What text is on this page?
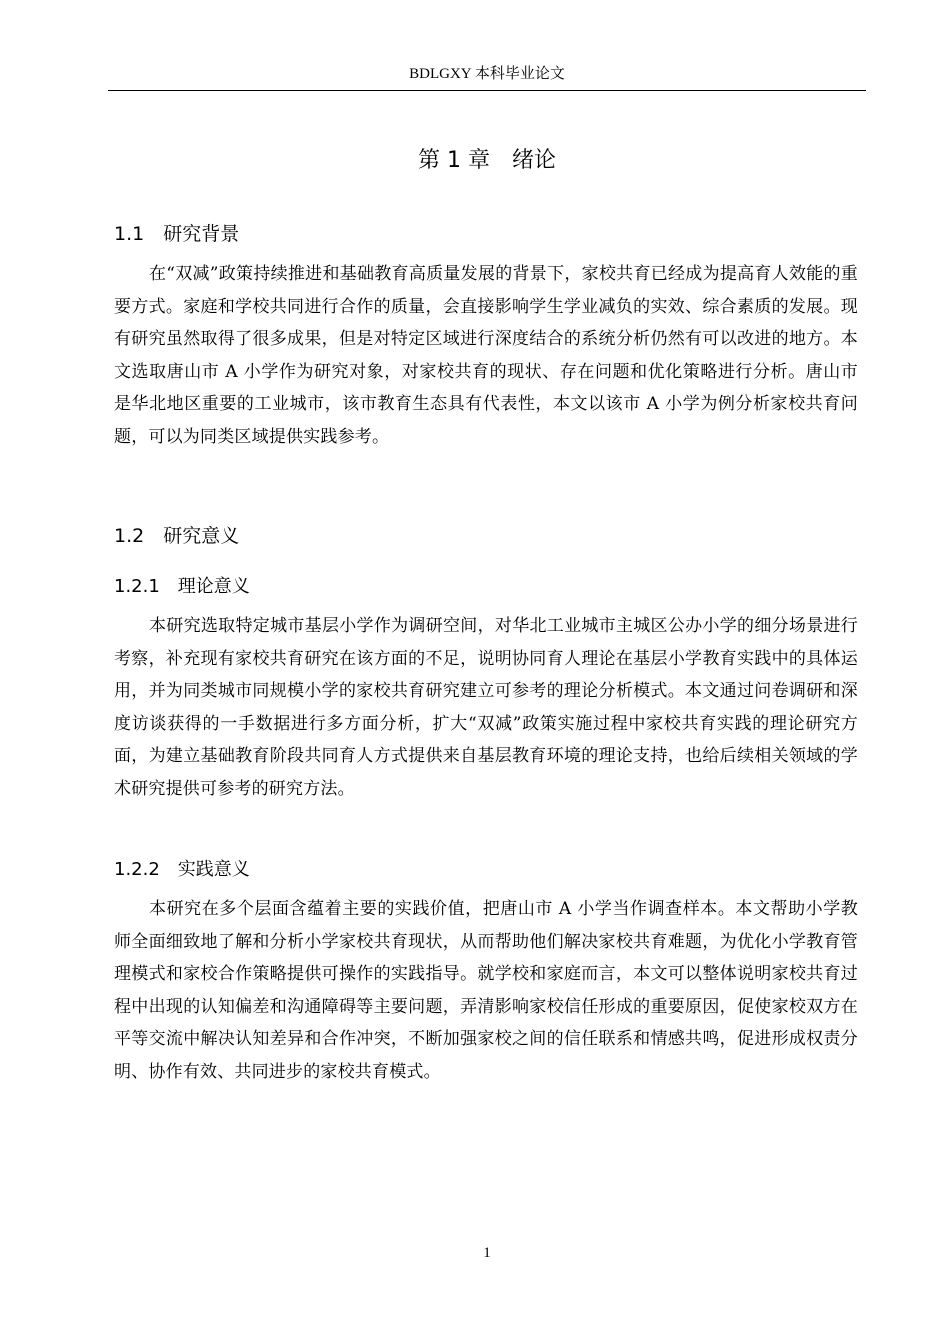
BDLGXY 本科毕业论文
第 1 章　绪论
1.1　研究背景

在“双减”政策持续推进和基础教育高质量发展的背景下，家校共育已经成为提高育人效能的重要方式。家庭和学校共同进行合作的质量，会直接影响学生学业减负的实效、综合素质的发展。现有研究虽然取得了很多成果，但是对特定区域进行深度结合的系统分析仍然有可以改进的地方。本文选取唐山市 A 小学作为研究对象，对家校共育的现状、存在问题和优化策略进行分析。唐山市是华北地区重要的工业城市，该市教育生态具有代表性，本文以该市 A 小学为例分析家校共育问题，可以为同类区域提供实践参考。

1.2　研究意义
1.2.1　理论意义

本研究选取特定城市基层小学作为调研空间，对华北工业城市主城区公办小学的细分场景进行考察，补充现有家校共育研究在该方面的不足，说明协同育人理论在基层小学教育实践中的具体运用，并为同类城市同规模小学的家校共育研究建立可参考的理论分析模式。本文通过问卷调研和深度访谈获得的一手数据进行多方面分析，扩大“双减”政策实施过程中家校共育实践的理论研究方面，为建立基础教育阶段共同育人方式提供来自基层教育环境的理论支持，也给后续相关领域的学术研究提供可参考的研究方法。

1.2.2　实践意义

本研究在多个层面含蕴着主要的实践价值，把唐山市 A 小学当作调查样本。本文帮助小学教师全面细致地了解和分析小学家校共育现状，从而帮助他们解决家校共育难题，为优化小学教育管理模式和家校合作策略提供可操作的实践指导。就学校和家庭而言，本文可以整体说明家校共育过程中出现的认知偏差和沟通障碍等主要问题，弄清影响家校信任形成的重要原因，促使家校双方在平等交流中解决认知差异和合作冲突，不断加强家校之间的信任联系和情感共鸣，促进形成权责分明、协作有效、共同进步的家校共育模式。

1
